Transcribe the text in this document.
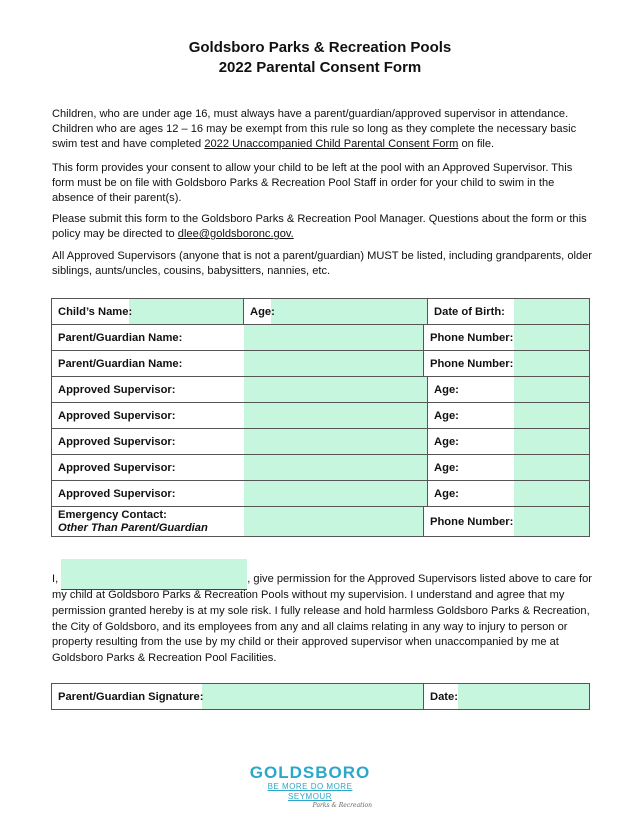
Goldsboro Parks & Recreation Pools
2022 Parental Consent Form

Children, who are under age 16, must always have a parent/guardian/approved supervisor in attendance. Children who are ages 12 – 16 may be exempt from this rule so long as they complete the necessary basic swim test and have completed 2022 Unaccompanied Child Parental Consent Form on file.

This form provides your consent to allow your child to be left at the pool with an Approved Supervisor. This form must be on file with Goldsboro Parks & Recreation Pool Staff in order for your child to swim in the absence of their parent(s).

Please submit this form to the Goldsboro Parks & Recreation Pool Manager. Questions about the form or this policy may be directed to dlee@goldsboronc.gov.

All Approved Supervisors (anyone that is not a parent/guardian) MUST be listed, including grandparents, older siblings, aunts/uncles, cousins, babysitters, nannies, etc.

Child’s Name:		Age:			Date of Birth:	
Parent/Guardian Name:				Phone Number:		
Parent/Guardian Name:				Phone Number:		
Approved Supervisor:					Age:	
Approved Supervisor:					Age:	
Approved Supervisor:					Age:	
Approved Supervisor:					Age:	
Approved Supervisor:					Age:	

Emergency Contact:
Other Than Parent/Guardian				Phone Number:		

I,	, give permission for the Approved Supervisors listed above to care for my child at Goldsboro Parks & Recreation Pools without my supervision. I understand and agree that my permission granted hereby is at my sole risk. I fully release and hold harmless Goldsboro Parks & Recreation, the City of Goldsboro, and its employees from any and all claims relating in any way to injury to person or property resulting from the use by my child or their approved supervisor when unaccompanied by me at Goldsboro Parks & Recreation Pool Facilities.

Parent/Guardian Signature:		Date:	
GOLDSBORO
BE MORE DO MORE SEYMOUR
Parks & Recreation
